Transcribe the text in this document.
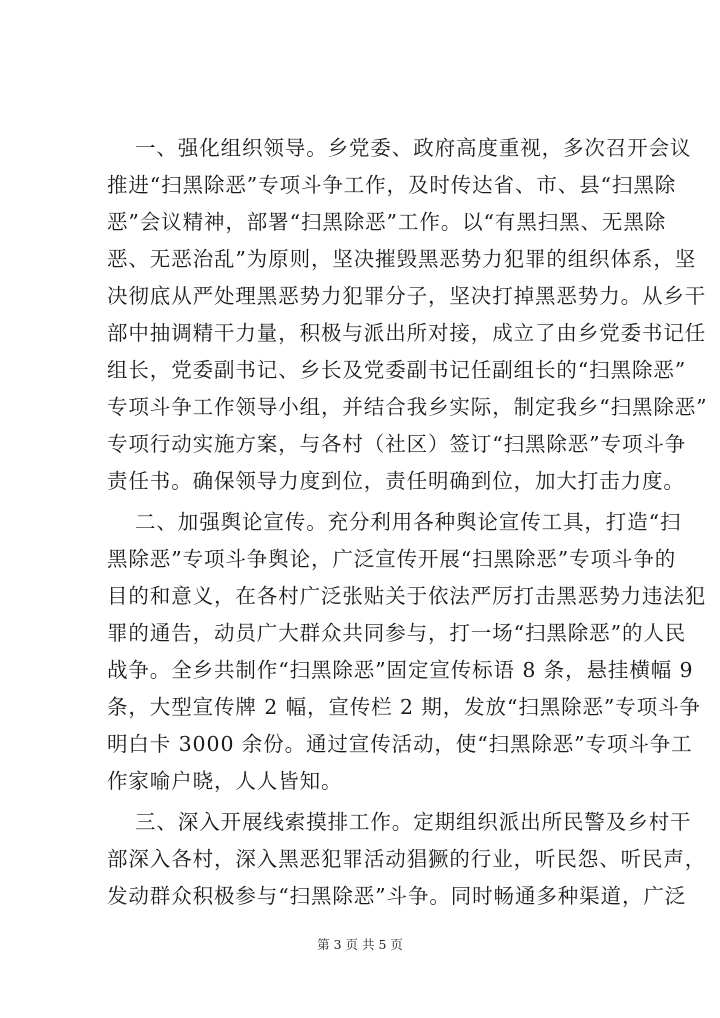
一、强化组织领导。乡党委、政府高度重视，多次召开会议
推进“扫黑除恶”专项斗争工作，及时传达省、市、县“扫黑除
恶”会议精神，部署“扫黑除恶”工作。以“有黑扫黑、无黑除
恶、无恶治乱”为原则，坚决摧毁黑恶势力犯罪的组织体系，坚
决彻底从严处理黑恶势力犯罪分子，坚决打掉黑恶势力。从乡干
部中抽调精干力量，积极与派出所对接，成立了由乡党委书记任
组长，党委副书记、乡长及党委副书记任副组长的“扫黑除恶”
专项斗争工作领导小组，并结合我乡实际，制定我乡“扫黑除恶”
专项行动实施方案，与各村（社区）签订“扫黑除恶”专项斗争
责任书。确保领导力度到位，责任明确到位，加大打击力度。
二、加强舆论宣传。充分利用各种舆论宣传工具，打造“扫
黑除恶”专项斗争舆论，广泛宣传开展“扫黑除恶”专项斗争的
目的和意义，在各村广泛张贴关于依法严厉打击黑恶势力违法犯
罪的通告，动员广大群众共同参与，打一场“扫黑除恶”的人民
战争。全乡共制作“扫黑除恶”固定宣传标语 8 条，悬挂横幅 9
条，大型宣传牌 2 幅，宣传栏 2 期，发放“扫黑除恶”专项斗争
明白卡 3000 余份。通过宣传活动，使“扫黑除恶”专项斗争工
作家喻户晓，人人皆知。
三、深入开展线索摸排工作。定期组织派出所民警及乡村干
部深入各村，深入黑恶犯罪活动猖獗的行业，听民怨、听民声，
发动群众积极参与“扫黑除恶”斗争。同时畅通多种渠道，广泛
第 3 页 共 5 页
